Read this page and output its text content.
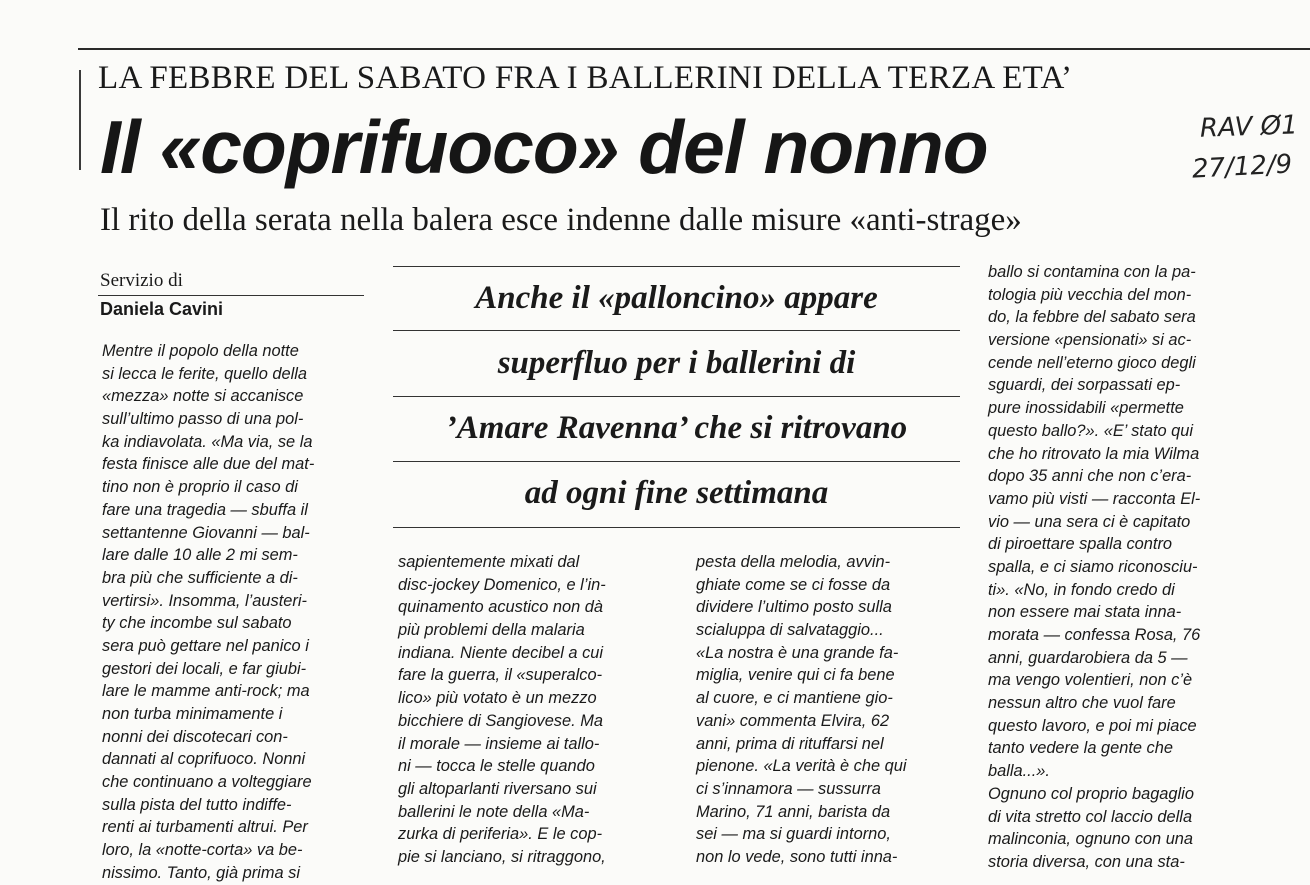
LA FEBBRE DEL SABATO FRA I BALLERINI DELLA TERZA ETA’
Il «coprifuoco» del nonno
Il rito della serata nella balera esce indenne dalle misure «anti-strage»
RAV Ø1
27/12/9
Servizio di
Daniela Cavini	Anche il «palloncino» appare
superfluo per i ballerini di
’Amare Ravenna’ che si ritrovano
ad ogni fine settimana
Mentre il popolo della notte
si lecca le ferite, quello della
«mezza» notte si accanisce
sull’ultimo passo di una pol-
ka indiavolata. «Ma via, se la
festa finisce alle due del mat-
tino non è proprio il caso di
fare una tragedia — sbuffa il
settantenne Giovanni — bal-
lare dalle 10 alle 2 mi sem-
bra più che sufficiente a di-
vertirsi». Insomma, l’austeri-
ty che incombe sul sabato
sera può gettare nel panico i
gestori dei locali, e far giubi-
lare le mamme anti-rock; ma
non turba minimamente i
nonni dei discotecari con-
dannati al coprifuoco. Nonni
che continuano a volteggiare
sulla pista del tutto indiffe-
renti ai turbamenti altrui. Per
loro, la «notte-corta» va be-
nissimo. Tanto, già prima si
sapientemente mixati dal
disc-jockey Domenico, e l’in-
quinamento acustico non dà
più problemi della malaria
indiana. Niente decibel a cui
fare la guerra, il «superalco-
lico» più votato è un mezzo
bicchiere di Sangiovese. Ma
il morale — insieme ai tallo-
ni — tocca le stelle quando
gli altoparlanti riversano sui
ballerini le note della «Ma-
zurka di periferia». E le cop-
pie si lanciano, si ritraggono,
pesta della melodia, avvin-
ghiate come se ci fosse da
dividere l’ultimo posto sulla
scialuppa di salvataggio...
«La nostra è una grande fa-
miglia, venire qui ci fa bene
al cuore, e ci mantiene gio-
vani» commenta Elvira, 62
anni, prima di rituffarsi nel
pienone. «La verità è che qui
ci s’innamora — sussurra
Marino, 71 anni, barista da
sei — ma si guardi intorno,
non lo vede, sono tutti inna-
ballo si contamina con la pa-
tologia più vecchia del mon-
do, la febbre del sabato sera
versione «pensionati» si ac-
cende nell’eterno gioco degli
sguardi, dei sorpassati ep-
pure inossidabili «permette
questo ballo?». «E’ stato qui
che ho ritrovato la mia Wilma
dopo 35 anni che non c’era-
vamo più visti — racconta El-
vio — una sera ci è capitato
di piroettare spalla contro
spalla, e ci siamo riconosciu-
ti». «No, in fondo credo di
non essere mai stata inna-
morata — confessa Rosa, 76
anni, guardarobiera da 5 —
ma vengo volentieri, non c’è
nessun altro che vuol fare
questo lavoro, e poi mi piace
tanto vedere la gente che
balla...».
Ognuno col proprio bagaglio
di vita stretto col laccio della
malinconia, ognuno con una
storia diversa, con una sta-
